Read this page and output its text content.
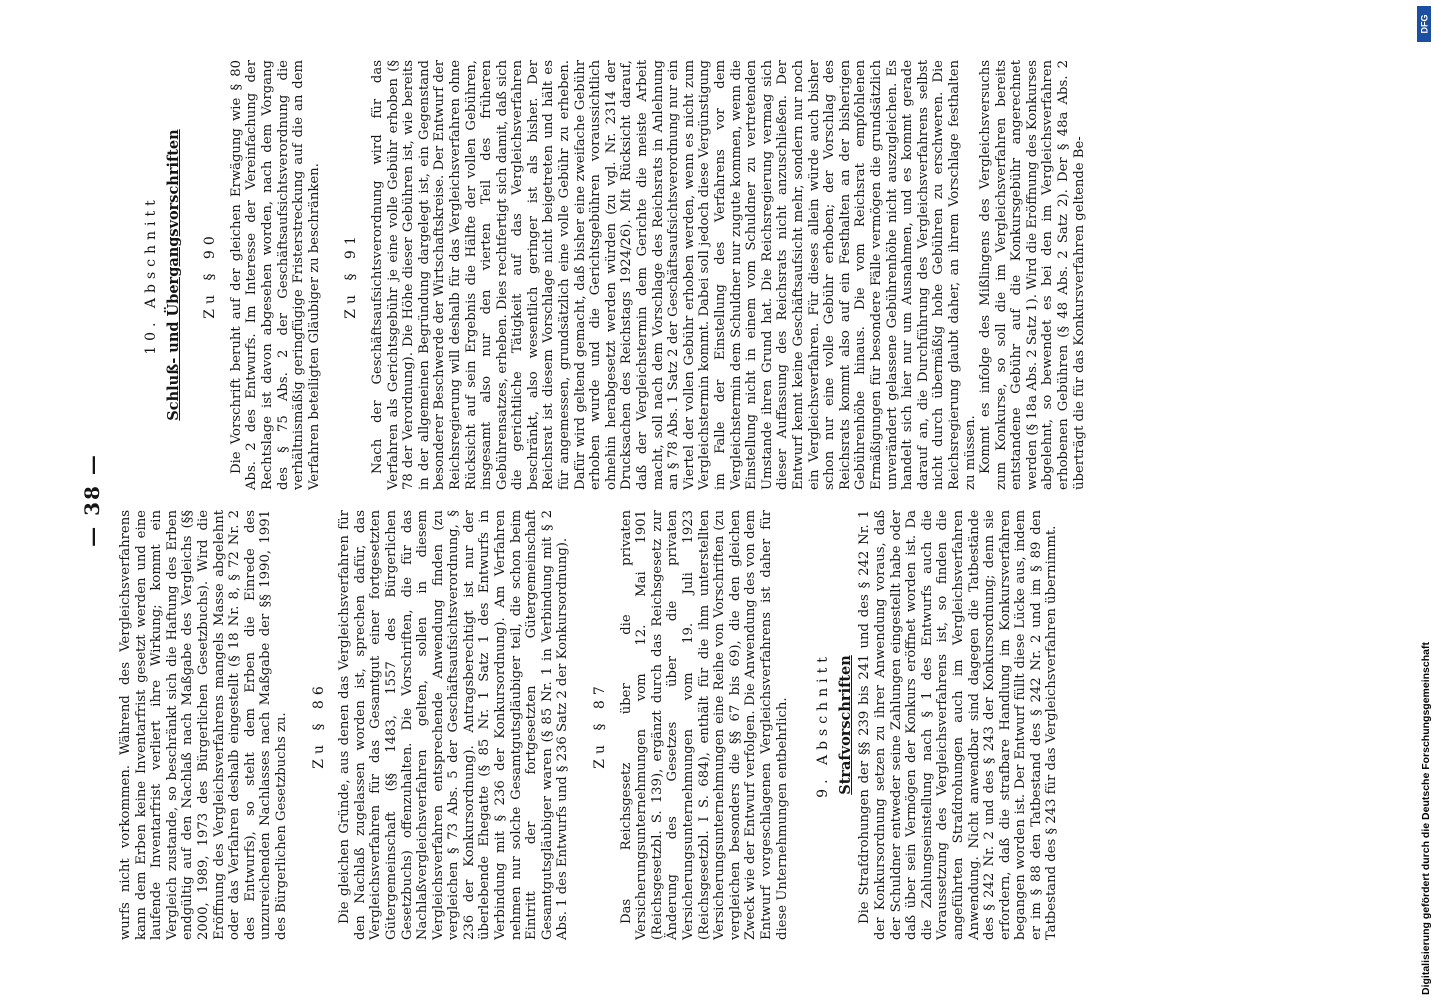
— 38 —

wurfs nicht vorkommen. Während des Vergleichsverfahrens kann dem Erben keine Inventarfrist gesetzt werden und eine laufende Inventarfrist verliert ihre Wirkung; kommt ein Vergleich zustande, so beschränkt sich die Haftung des Erben endgültig auf den Nachlaß nach Maßgabe des Vergleichs (§§ 2000, 1989, 1973 des Bürgerlichen Gesetzbuchs). Wird die Eröffnung des Vergleichsverfahrens mangels Masse abgelehnt oder das Verfahren deshalb eingestellt (§ 18 Nr. 8, § 72 Nr. 2 des Entwurfs), so steht dem Erben die Einrede des unzureichenden Nachlasses nach Maßgabe der §§ 1990, 1991 des Bürgerlichen Gesetzbuchs zu. Zu § 86 Die gleichen Gründe, aus denen das Vergleichsverfahren für den Nachlaß zugelassen worden ist, sprechen dafür, das Vergleichsverfahren für das Gesamtgut einer fortgesetzten Gütergemeinschaft (§§ 1483, 1557 des Bürgerlichen Gesetzbuchs) offenzuhalten. Die Vorschriften, die für das Nachlaßvergleichsverfahren gelten, sollen in diesem Vergleichsverfahren entsprechende Anwendung finden (zu vergleichen § 73 Abs. 5 der Geschäftsaufsichtsverordnung, § 236 der Konkursordnung). Antragsberechtigt ist nur der überlebende Ehegatte (§ 85 Nr. 1 Satz 1 des Entwurfs in Verbindung mit § 236 der Konkursordnung). Am Verfahren nehmen nur solche Gesamtgutsgläubiger teil, die schon beim Eintritt der fortgesetzten Gütergemeinschaft Gesamtgutsgläubiger waren (§ 85 Nr. 1 in Verbindung mit § 2 Abs. 1 des Entwurfs und § 236 Satz 2 der Konkursordnung). Zu § 87 Das Reichsgesetz über die privaten Versicherungsunternehmungen vom 12. Mai 1901 (Reichsgesetzbl. S. 139), ergänzt durch das Reichsgesetz zur Änderung des Gesetzes über die privaten Versicherungsunternehmungen vom 19. Juli 1923 (Reichsgesetzbl. I S. 684), enthält für die ihm unterstellten Versicherungsunternehmungen eine Reihe von Vorschriften (zu vergleichen besonders die §§ 67 bis 69), die den gleichen Zweck wie der Entwurf verfolgen. Die Anwendung des von dem Entwurf vorgeschlagenen Vergleichsverfahrens ist daher für diese Unternehmungen entbehrlich. 9. Abschnitt Strafvorschriften Die Strafdrohungen der §§ 239 bis 241 und des § 242 Nr. 1 der Konkursordnung setzen zu ihrer Anwendung voraus, daß der Schuldner entweder seine Zahlungen eingestellt habe oder daß über sein Vermögen der Konkurs eröffnet worden ist. Da die Zahlungseinstellung nach § 1 des Entwurfs auch die Voraussetzung des Vergleichsverfahrens ist, so finden die angeführten Strafdrohungen auch im Vergleichsverfahren Anwendung. Nicht anwendbar sind dagegen die Tatbestände des § 242 Nr. 2 und des § 243 der Konkursordnung; denn sie erfordern, daß die strafbare Handlung im Konkursverfahren begangen worden ist. Der Entwurf füllt diese Lücke aus, indem er im § 88 den Tatbestand des § 242 Nr. 2 und im § 89 den Tatbestand des § 243 für das Vergleichsverfahren übernimmt.

10. Abschnitt Schluß- und Übergangsvorschriften Zu § 90 Die Vorschrift beruht auf der gleichen Erwägung wie § 80 Abs. 2 des Entwurfs. Im Interesse der Vereinfachung der Rechtslage ist davon abgesehen worden, nach dem Vorgang des § 75 Abs. 2 der Geschäftsaufsichtsverordnung die verhältnismäßig geringfügige Fristerstreckung auf die an dem Verfahren beteiligten Gläubiger zu beschränken. Zu § 91 Nach der Geschäftsaufsichtsverordnung wird für das Verfahren als Gerichtsgebühr je eine volle Gebühr erhoben (§ 78 der Verordnung). Die Höhe dieser Gebühren ist, wie bereits in der allgemeinen Begründung dargelegt ist, ein Gegenstand besonderer Beschwerde der Wirtschaftskreise. Der Entwurf der Reichsregierung will deshalb für das Vergleichsverfahren ohne Rücksicht auf sein Ergebnis die Hälfte der vollen Gebühren, insgesamt also nur den vierten Teil des früheren Gebührensatzes, erheben. Dies rechtfertigt sich damit, daß sich die gerichtliche Tätigkeit auf das Vergleichsverfahren beschränkt, also wesentlich geringer ist als bisher. Der Reichsrat ist diesem Vorschlage nicht beigetreten und hält es für angemessen, grundsätzlich eine volle Gebühr zu erheben. Dafür wird geltend gemacht, daß bisher eine zweifache Gebühr erhoben wurde und die Gerichtsgebühren voraussichtlich ohnehin herabgesetzt werden würden (zu vgl. Nr. 2314 der Drucksachen des Reichstags 1924/26). Mit Rücksicht darauf, daß der Vergleichstermin dem Gerichte die meiste Arbeit macht, soll nach dem Vorschlage des Reichsrats in Anlehnung an § 78 Abs. 1 Satz 2 der Geschäftsaufsichtsverordnung nur ein Viertel der vollen Gebühr erhoben werden, wenn es nicht zum Vergleichstermin kommt. Dabei soll jedoch diese Vergünstigung im Falle der Einstellung des Verfahrens vor dem Vergleichstermin dem Schuldner nur zugute kommen, wenn die Einstellung nicht in einem vom Schuldner zu vertretenden Umstande ihren Grund hat. Die Reichsregierung vermag sich dieser Auffassung des Reichsrats nicht anzuschließen. Der Entwurf kennt keine Geschäftsaufsicht mehr, sondern nur noch ein Vergleichsverfahren. Für dieses allein würde auch bisher schon nur eine volle Gebühr erhoben; der Vorschlag des Reichsrats kommt also auf ein Festhalten an der bisherigen Gebührenhöhe hinaus. Die vom Reichsrat empfohlenen Ermäßigungen für besondere Fälle vermögen die grundsätzlich unverändert gelassene Gebührenhöhe nicht auszugleichen. Es handelt sich hier nur um Ausnahmen, und es kommt gerade darauf an, die Durchführung des Vergleichsverfahrens selbst nicht durch übermäßig hohe Gebühren zu erschweren. Die Reichsregierung glaubt daher, an ihrem Vorschlage festhalten zu müssen. Kommt es infolge des Mißlingens des Vergleichsversuchs zum Konkurse, so soll die im Vergleichsverfahren bereits entstandene Gebühr auf die Konkursgebühr angerechnet werden (§ 18a Abs. 2 Satz 1). Wird die Eröffnung des Konkurses abgelehnt, so bewendet es bei den im Vergleichsverfahren erhobenen Gebühren (§ 48 Abs. 2 Satz 2). Der § 48a Abs. 2 überträgt die für das Konkursverfahren geltende Be-

Digitalisierung gefördert durch die Deutsche Forschungsgemeinschaft
DFG
